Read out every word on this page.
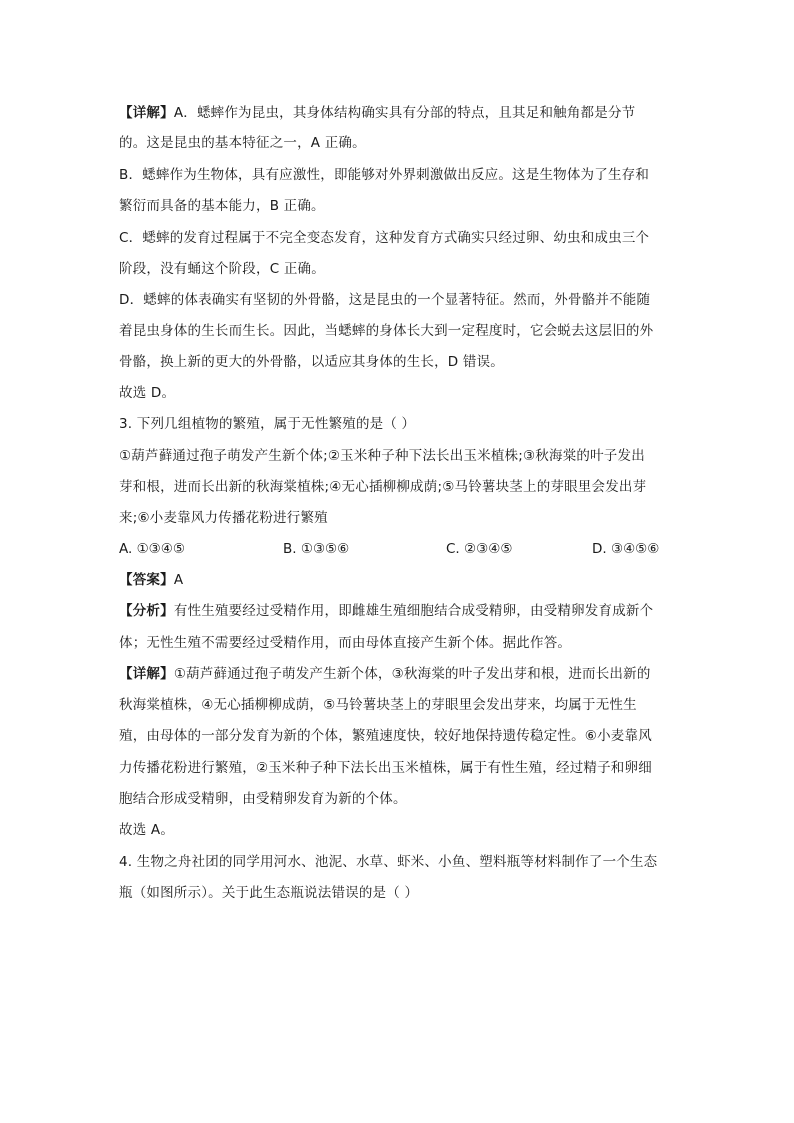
【详解】A．蟋蟀作为昆虫，其身体结构确实具有分部的特点，且其足和触角都是分节
的。这是昆虫的基本特征之一，A 正确。
B．蟋蟀作为生物体，具有应激性，即能够对外界刺激做出反应。这是生物体为了生存和
繁衍而具备的基本能力，B 正确。
C．蟋蟀的发育过程属于不完全变态发育，这种发育方式确实只经过卵、幼虫和成虫三个
阶段，没有蛹这个阶段，C 正确。
D．蟋蟀的体表确实有坚韧的外骨骼，这是昆虫的一个显著特征。然而，外骨骼并不能随
着昆虫身体的生长而生长。因此，当蟋蟀的身体长大到一定程度时，它会蜕去这层旧的外
骨骼，换上新的更大的外骨骼，以适应其身体的生长，D 错误。
故选 D。
3. 下列几组植物的繁殖，属于无性繁殖的是（ ）
①葫芦藓通过孢子萌发产生新个体;②玉米种子种下法长出玉米植株;③秋海棠的叶子发出
芽和根，进而长出新的秋海棠植株;④无心插柳柳成荫;⑤马铃薯块茎上的芽眼里会发出芽
来;⑥小麦靠风力传播花粉进行繁殖
A. ①③④⑤	B. ①③⑤⑥	C. ②③④⑤	D. ③④⑤⑥
【答案】A
【分析】有性生殖要经过受精作用，即雌雄生殖细胞结合成受精卵，由受精卵发育成新个
体；无性生殖不需要经过受精作用，而由母体直接产生新个体。据此作答。
【详解】①葫芦藓通过孢子萌发产生新个体，③秋海棠的叶子发出芽和根，进而长出新的
秋海棠植株，④无心插柳柳成荫，⑤马铃薯块茎上的芽眼里会发出芽来，均属于无性生
殖，由母体的一部分发育为新的个体，繁殖速度快，较好地保持遗传稳定性。⑥小麦靠风
力传播花粉进行繁殖，②玉米种子种下法长出玉米植株，属于有性生殖，经过精子和卵细
胞结合形成受精卵，由受精卵发育为新的个体。
故选 A。
4. 生物之舟社团的同学用河水、池泥、水草、虾米、小鱼、塑料瓶等材料制作了一个生态
瓶（如图所示）。关于此生态瓶说法错误的是（ ）
